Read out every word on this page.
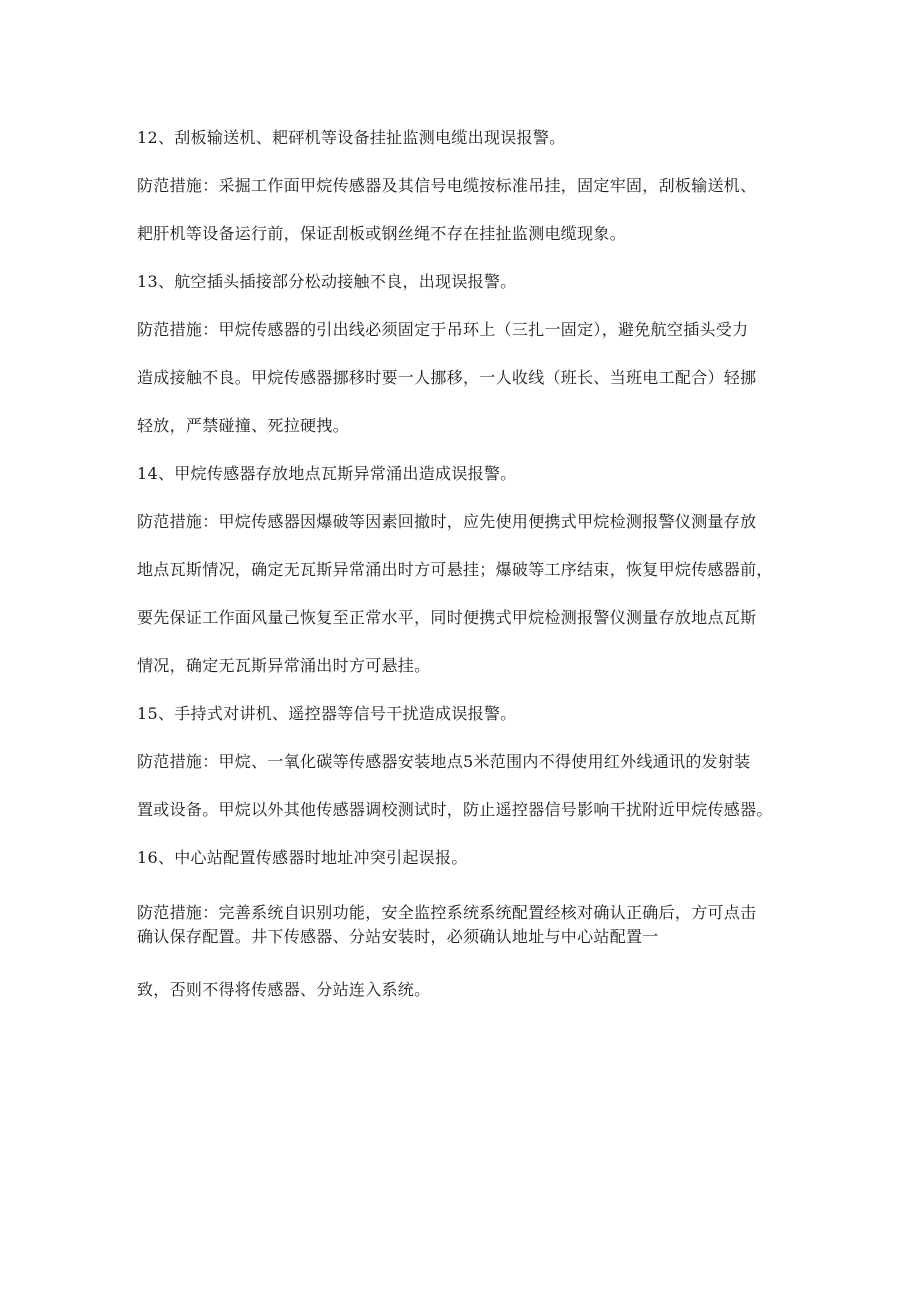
12、刮板输送机、耙砰机等设备挂扯监测电缆出现误报警。

防范措施：采掘工作面甲烷传感器及其信号电缆按标准吊挂，固定牢固，刮板输送机、

耙肝机等设备运行前，保证刮板或钢丝绳不存在挂扯监测电缆现象。

13、航空插头插接部分松动接触不良，出现误报警。

防范措施：甲烷传感器的引出线必须固定于吊环上（三扎一固定），避免航空插头受力

造成接触不良。甲烷传感器挪移时要一人挪移，一人收线（班长、当班电工配合）轻挪

轻放，严禁碰撞、死拉硬拽。

14、甲烷传感器存放地点瓦斯异常涌出造成误报警。

防范措施：甲烷传感器因爆破等因素回撤时，应先使用便携式甲烷检测报警仪测量存放

地点瓦斯情况，确定无瓦斯异常涌出时方可悬挂；爆破等工序结束，恢复甲烷传感器前，

要先保证工作面风量己恢复至正常水平，同时便携式甲烷检测报警仪测量存放地点瓦斯

情况，确定无瓦斯异常涌出时方可悬挂。

15、手持式对讲机、遥控器等信号干扰造成误报警。

防范措施：甲烷、一氧化碳等传感器安装地点5米范围内不得使用红外线通讯的发射装

置或设备。甲烷以外其他传感器调校测试时，防止遥控器信号影响干扰附近甲烷传感器。

16、中心站配置传感器时地址冲突引起误报。

防范措施：完善系统自识别功能，安全监控系统系统配置经核对确认正确后，方可点击

确认保存配置。井下传感器、分站安装时，必须确认地址与中心站配置一

致，否则不得将传感器、分站连入系统。
